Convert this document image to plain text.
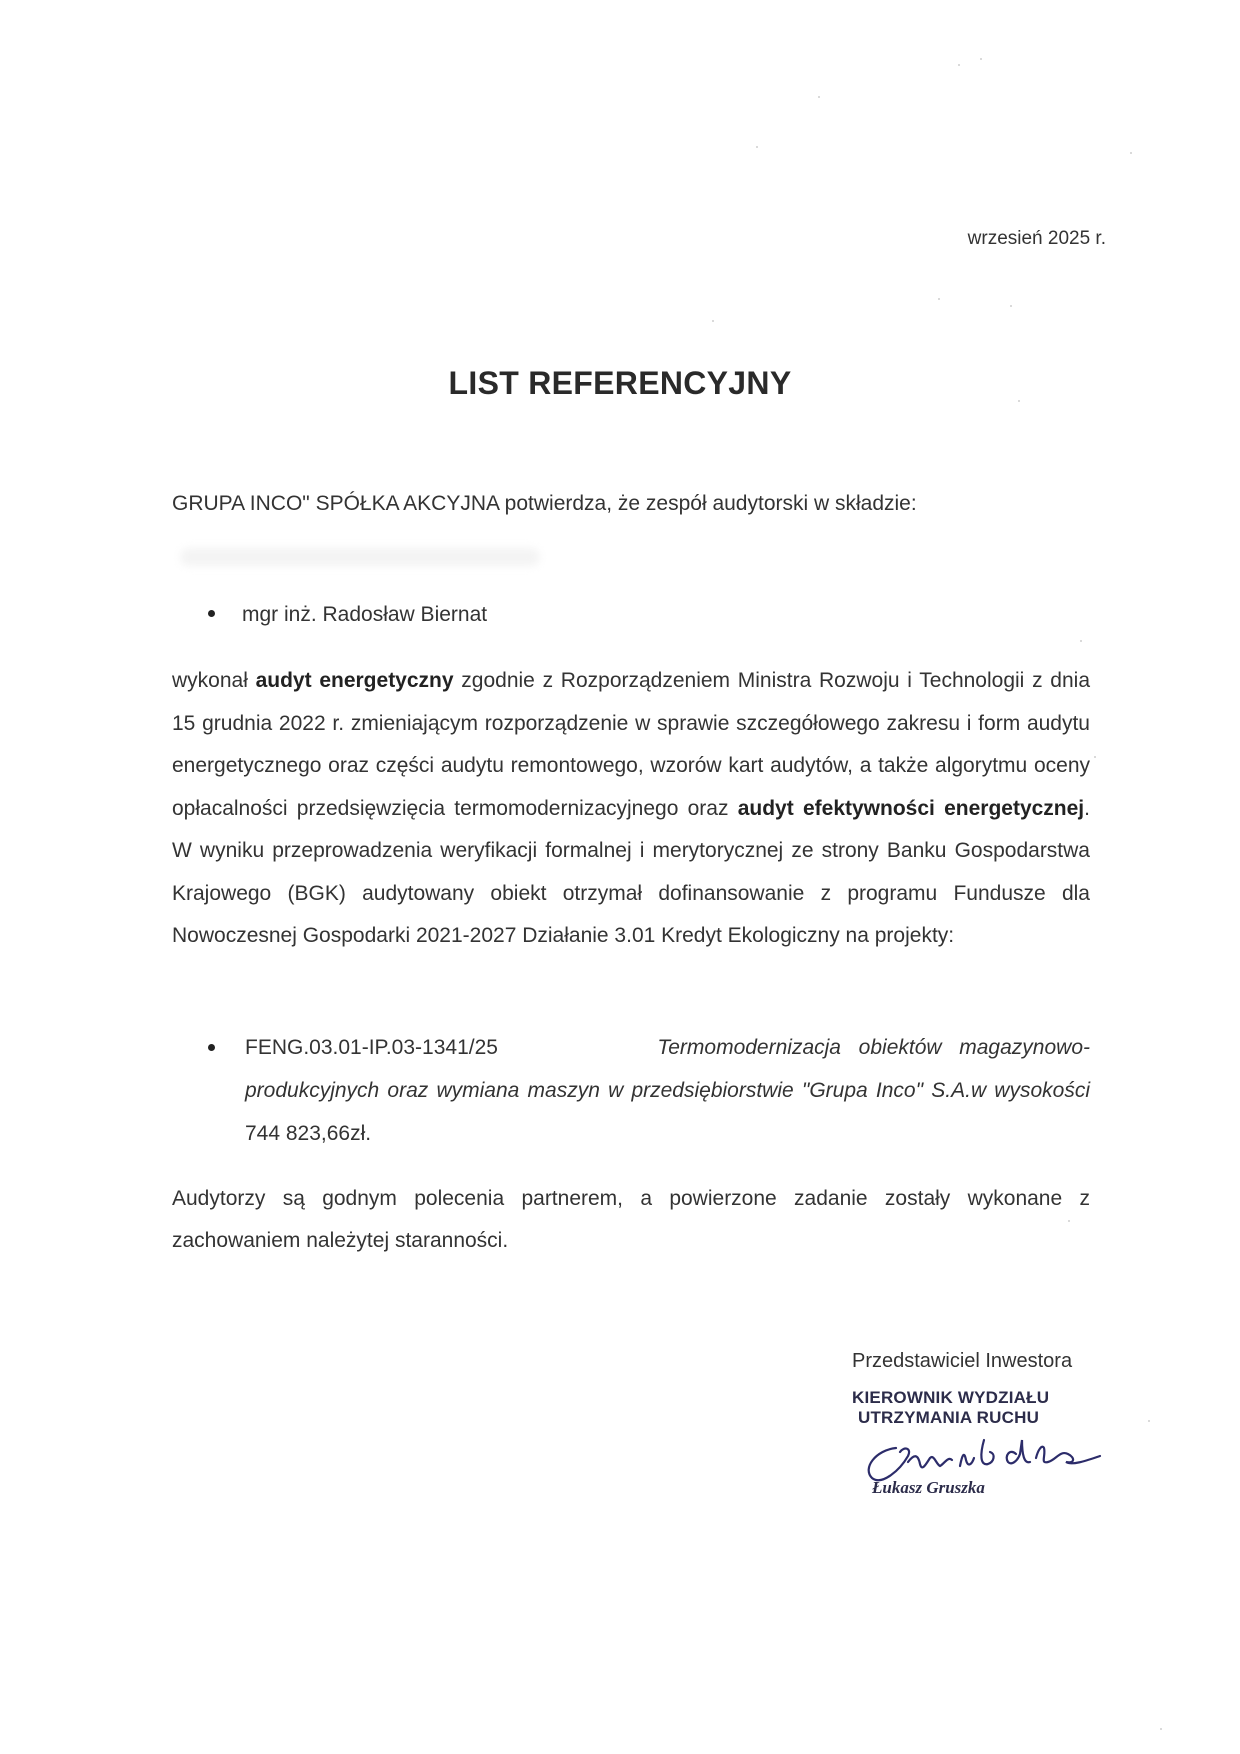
wrzesień 2025 r.
LIST REFERENCYJNY
GRUPA INCO" SPÓŁKA AKCYJNA potwierdza, że zespół audytorski w składzie:
mgr inż. Radosław Biernat
wykonał audyt energetyczny zgodnie z Rozporządzeniem Ministra Rozwoju i Technologii z dnia 15 grudnia 2022 r. zmieniającym rozporządzenie w sprawie szczegółowego zakresu i form audytu energetycznego oraz części audytu remontowego, wzorów kart audytów, a także algorytmu oceny opłacalności przedsięwzięcia termomodernizacyjnego oraz audyt efektywności energetycznej. W wyniku przeprowadzenia weryfikacji formalnej i merytorycznej ze strony Banku Gospodarstwa Krajowego (BGK) audytowany obiekt otrzymał dofinansowanie z programu Fundusze dla Nowoczesnej Gospodarki 2021-2027 Działanie 3.01 Kredyt Ekologiczny na projekty:
FENG.03.01-IP.03-1341/25	Termomodernizacja obiektów magazynowo-produkcyjnych oraz wymiana maszyn w przedsiębiorstwie "Grupa Inco" S.A.w wysokości 744 823,66zł.
Audytorzy są godnym polecenia partnerem, a powierzone zadanie zostały wykonane z zachowaniem należytej staranności.
Przedstawiciel Inwestora
KIEROWNIK WYDZIAŁU
UTRZYMANIA RUCHU
Łukasz Gruszka
